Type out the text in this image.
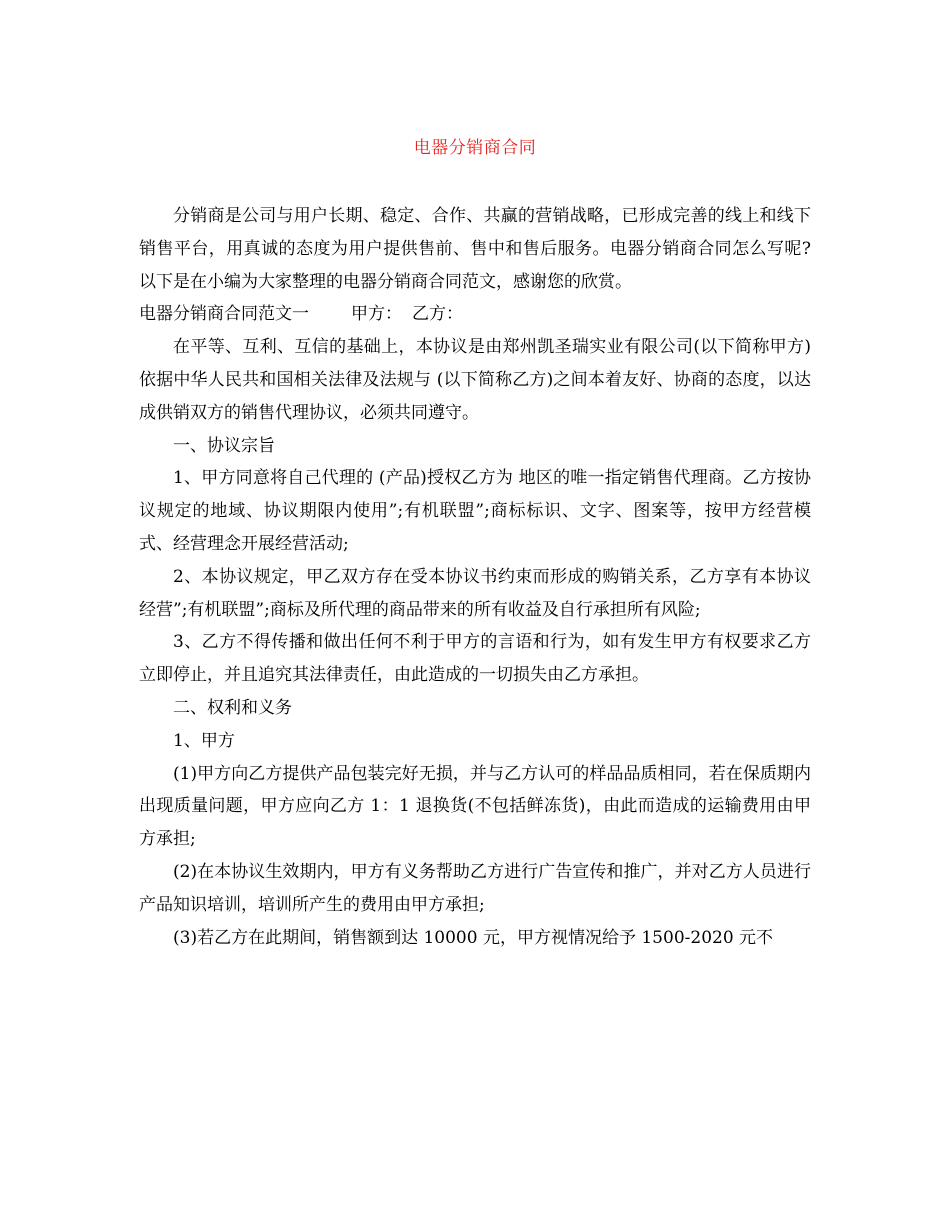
电器分销商合同

分销商是公司与用户长期、稳定、合作、共赢的营销战略，已形成完善的线上和线下销售平台，用真诚的态度为用户提供售前、售中和售后服务。电器分销商合同怎么写呢?以下是在小编为大家整理的电器分销商合同范文，感谢您的欣赏。

电器分销商合同范文一 甲方： 乙方：

在平等、互利、互信的基础上，本协议是由郑州凯圣瑞实业有限公司(以下简称甲方)依据中华人民共和国相关法律及法规与 (以下简称乙方)之间本着友好、协商的态度，以达成供销双方的销售代理协议，必须共同遵守。

一、协议宗旨

1、甲方同意将自己代理的 (产品)授权乙方为 地区的唯一指定销售代理商。乙方按协议规定的地域、协议期限内使用”;有机联盟”;商标标识、文字、图案等，按甲方经营模式、经营理念开展经营活动;

2、本协议规定，甲乙双方存在受本协议书约束而形成的购销关系，乙方享有本协议经营”;有机联盟”;商标及所代理的商品带来的所有收益及自行承担所有风险;

3、乙方不得传播和做出任何不利于甲方的言语和行为，如有发生甲方有权要求乙方立即停止，并且追究其法律责任，由此造成的一切损失由乙方承担。

二、权利和义务

1、甲方

(1)甲方向乙方提供产品包装完好无损，并与乙方认可的样品品质相同，若在保质期内出现质量问题，甲方应向乙方 1：1 退换货(不包括鲜冻货)，由此而造成的运输费用由甲方承担;

(2)在本协议生效期内，甲方有义务帮助乙方进行广告宣传和推广，并对乙方人员进行产品知识培训，培训所产生的费用由甲方承担;

(3)若乙方在此期间，销售额到达 10000 元，甲方视情况给予 1500-2020 元不
